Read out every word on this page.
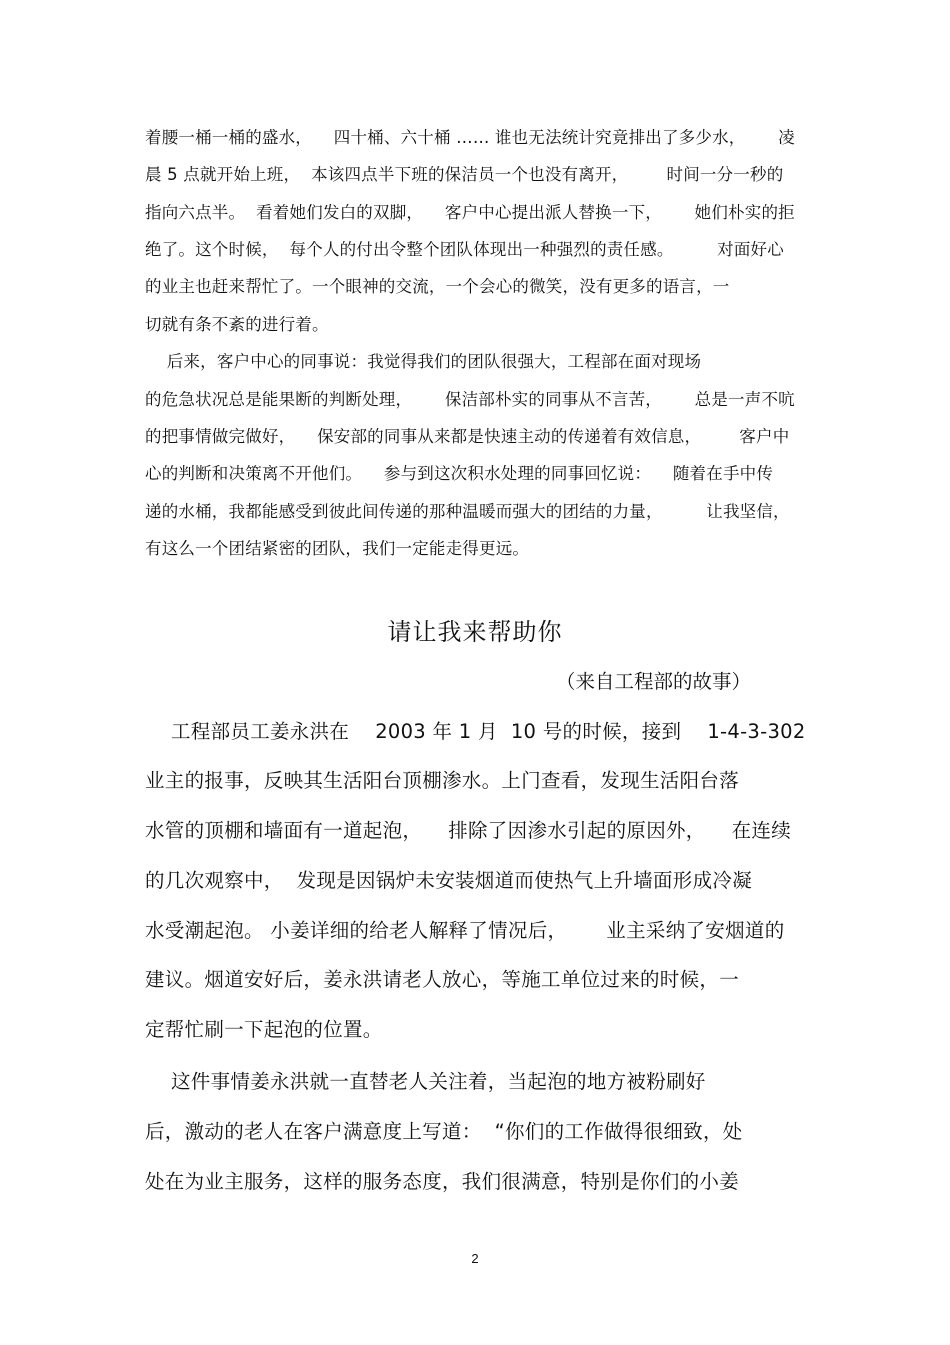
着腰一桶一桶的盛水，    四十桶、六十桶 …… 谁也无法统计究竟排出了多少水，      凌
晨 5 点就开始上班，  本该四点半下班的保洁员一个也没有离开，       时间一分一秒的
指向六点半。  看着她们发白的双脚，    客户中心提出派人替换一下，      她们朴实的拒
绝了。这个时候，  每个人的付出令整个团队体现出一种强烈的责任感。        对面好心
的业主也赶来帮忙了。一个眼神的交流，一个会心的微笑，没有更多的语言，一
切就有条不紊的进行着。
后来，客户中心的同事说：我觉得我们的团队很强大，工程部在面对现场
的危急状况总是能果断的判断处理，      保洁部朴实的同事从不言苦，      总是一声不吭
的把事情做完做好，    保安部的同事从来都是快速主动的传递着有效信息，       客户中
心的判断和决策离不开他们。    参与到这次积水处理的同事回忆说：    随着在手中传
递的水桶，我都能感受到彼此间传递的那种温暖而强大的团结的力量，        让我坚信，
有这么一个团结紧密的团队，我们一定能走得更远。
请让我来帮助你
（来自工程部的故事）
工程部员工姜永洪在    2003 年 1 月  10 号的时候，接到    1-4-3-302
业主的报事，反映其生活阳台顶棚渗水。上门查看，发现生活阳台落
水管的顶棚和墙面有一道起泡，    排除了因渗水引起的原因外，    在连续
的几次观察中，  发现是因锅炉未安装烟道而使热气上升墙面形成冷凝
水受潮起泡。 小姜详细的给老人解释了情况后，      业主采纳了安烟道的
建议。烟道安好后，姜永洪请老人放心，等施工单位过来的时候，一
定帮忙刷一下起泡的位置。
这件事情姜永洪就一直替老人关注着，当起泡的地方被粉刷好
后，激动的老人在客户满意度上写道：  “你们的工作做得很细致，处
处在为业主服务，这样的服务态度，我们很满意，特别是你们的小姜
2
